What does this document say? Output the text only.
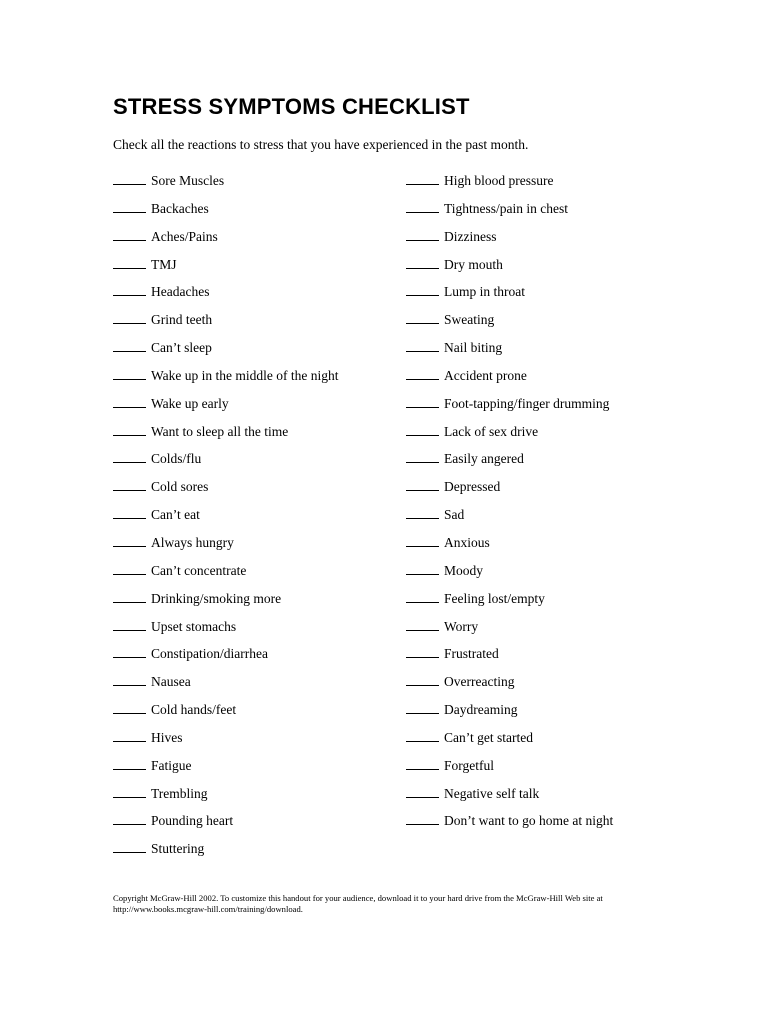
STRESS SYMPTOMS CHECKLIST

Check all the reactions to stress that you have experienced in the past month.

Sore Muscles
Backaches
Aches/Pains
TMJ
Headaches
Grind teeth
Can’t sleep
Wake up in the middle of the night
Wake up early
Want to sleep all the time
Colds/flu
Cold sores
Can’t eat
Always hungry
Can’t concentrate
Drinking/smoking more
Upset stomachs
Constipation/diarrhea
Nausea
Cold hands/feet
Hives
Fatigue
Trembling
Pounding heart
Stuttering
High blood pressure
Tightness/pain in chest
Dizziness
Dry mouth
Lump in throat
Sweating
Nail biting
Accident prone
Foot-tapping/finger drumming
Lack of sex drive
Easily angered
Depressed
Sad
Anxious
Moody
Feeling lost/empty
Worry
Frustrated
Overreacting
Daydreaming
Can’t get started
Forgetful
Negative self talk
Don’t want to go home at night

Copyright McGraw-Hill 2002. To customize this handout for your audience, download it to your hard drive from the McGraw-Hill Web site at http://www.books.mcgraw-hill.com/training/download.
